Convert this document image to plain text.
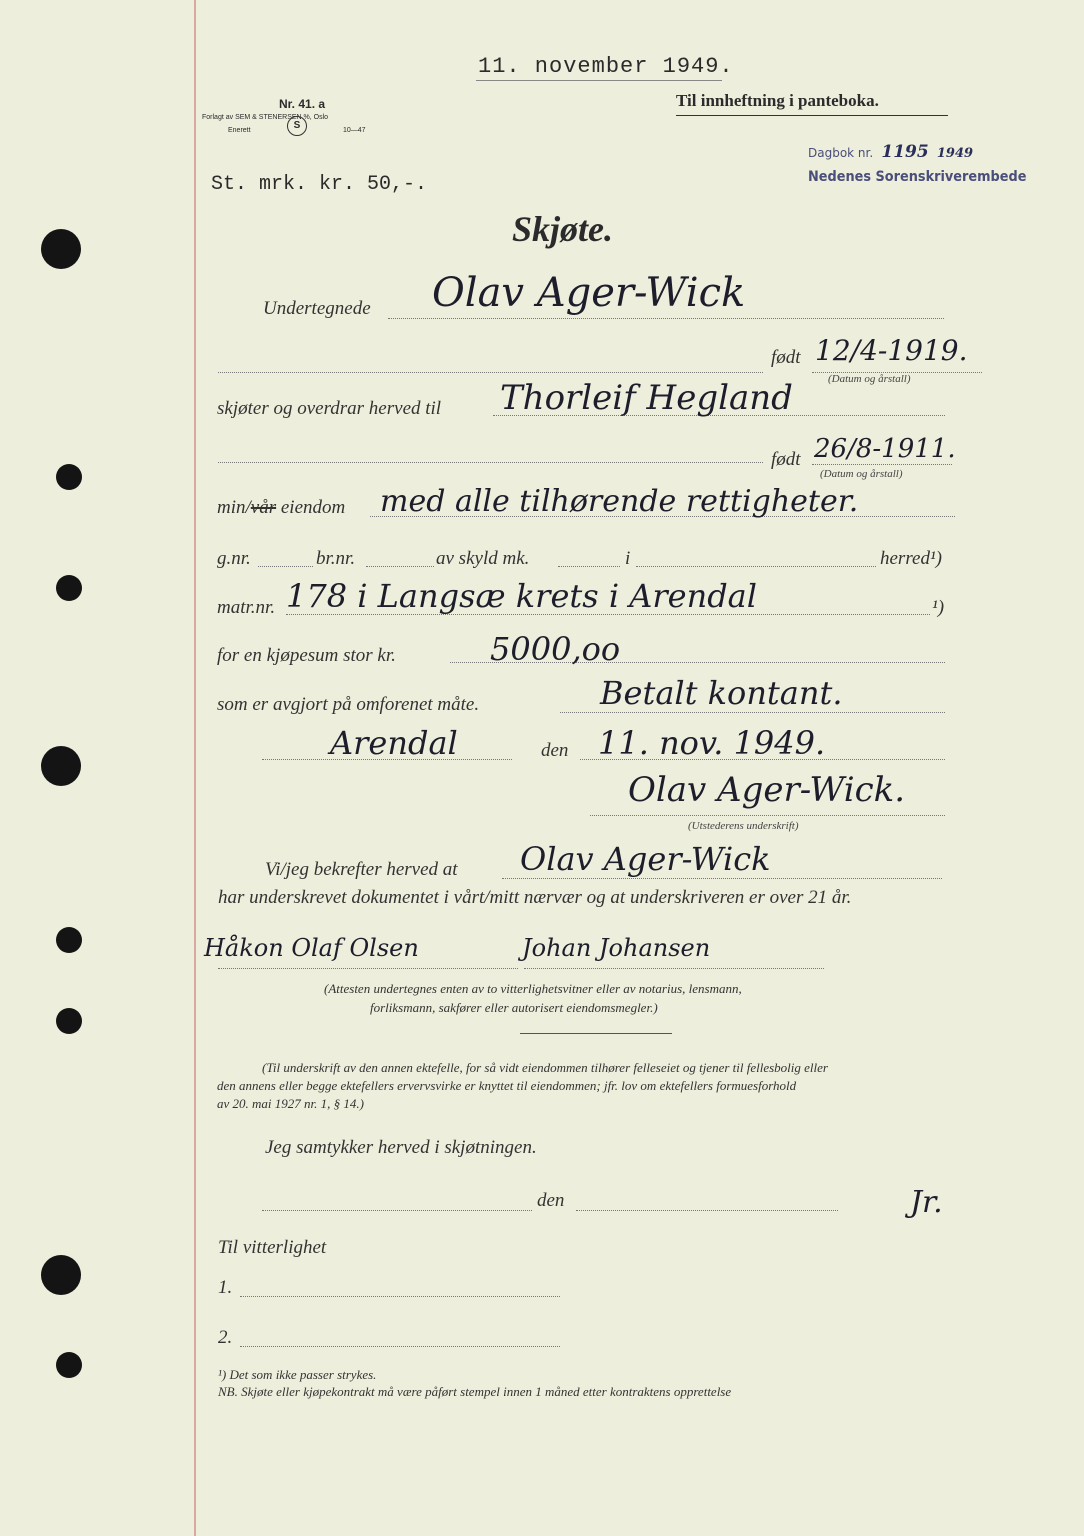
11. november 1949.
Nr. 41. a
Forlagt av SEM & STENERSEN %, Oslo
Enerett	S	10—47
Til innheftning i panteboka.
Dagbok nr. 1195 1949
Nedenes Sorenskriverembede
St. mrk. kr. 50,-.
Skjøte.
Undertegnede Olav Ager-Wick
født 12/4-1919.
(Datum og årstall)
skjøter og overdrar herved til Thorleif Hegland
født 26/8-1911.
(Datum og årstall)
min/vår eiendom med alle tilhørende rettigheter.
g.nr.	br.nr.	av skyld mk.	i	herred¹)
matr.nr. 178 i Langsæ krets i Arendal	¹)
for en kjøpesum stor kr.	5000,oo
som er avgjort på omforenet måte.	Betalt kontant.
Arendal	den 11. nov. 1949.
Olav Ager-Wick.
(Utstederens underskrift)
Vi/jeg bekrefter herved at Olav Ager-Wick
har underskrevet dokumentet i vårt/mitt nærvær og at underskriveren er over 21 år.
Håkon Olaf Olsen	Johan Johansen
(Attesten undertegnes enten av to vitterlighetsvitner eller av notarius, lensmann,
forliksmann, sakfører eller autorisert eiendomsmegler.)
(Til underskrift av den annen ektefelle, for så vidt eiendommen tilhører felleseiet og tjener til fellesbolig eller
den annens eller begge ektefellers ervervsvirke er knyttet til eiendommen; jfr. lov om ektefellers formuesforhold
av 20. mai 1927 nr. 1, § 14.)
Jeg samtykker herved i skjøtningen.
den	Jr.
Til vitterlighet
1.
2.
¹) Det som ikke passer strykes.
NB. Skjøte eller kjøpekontrakt må være påført stempel innen 1 måned etter kontraktens opprettelse
